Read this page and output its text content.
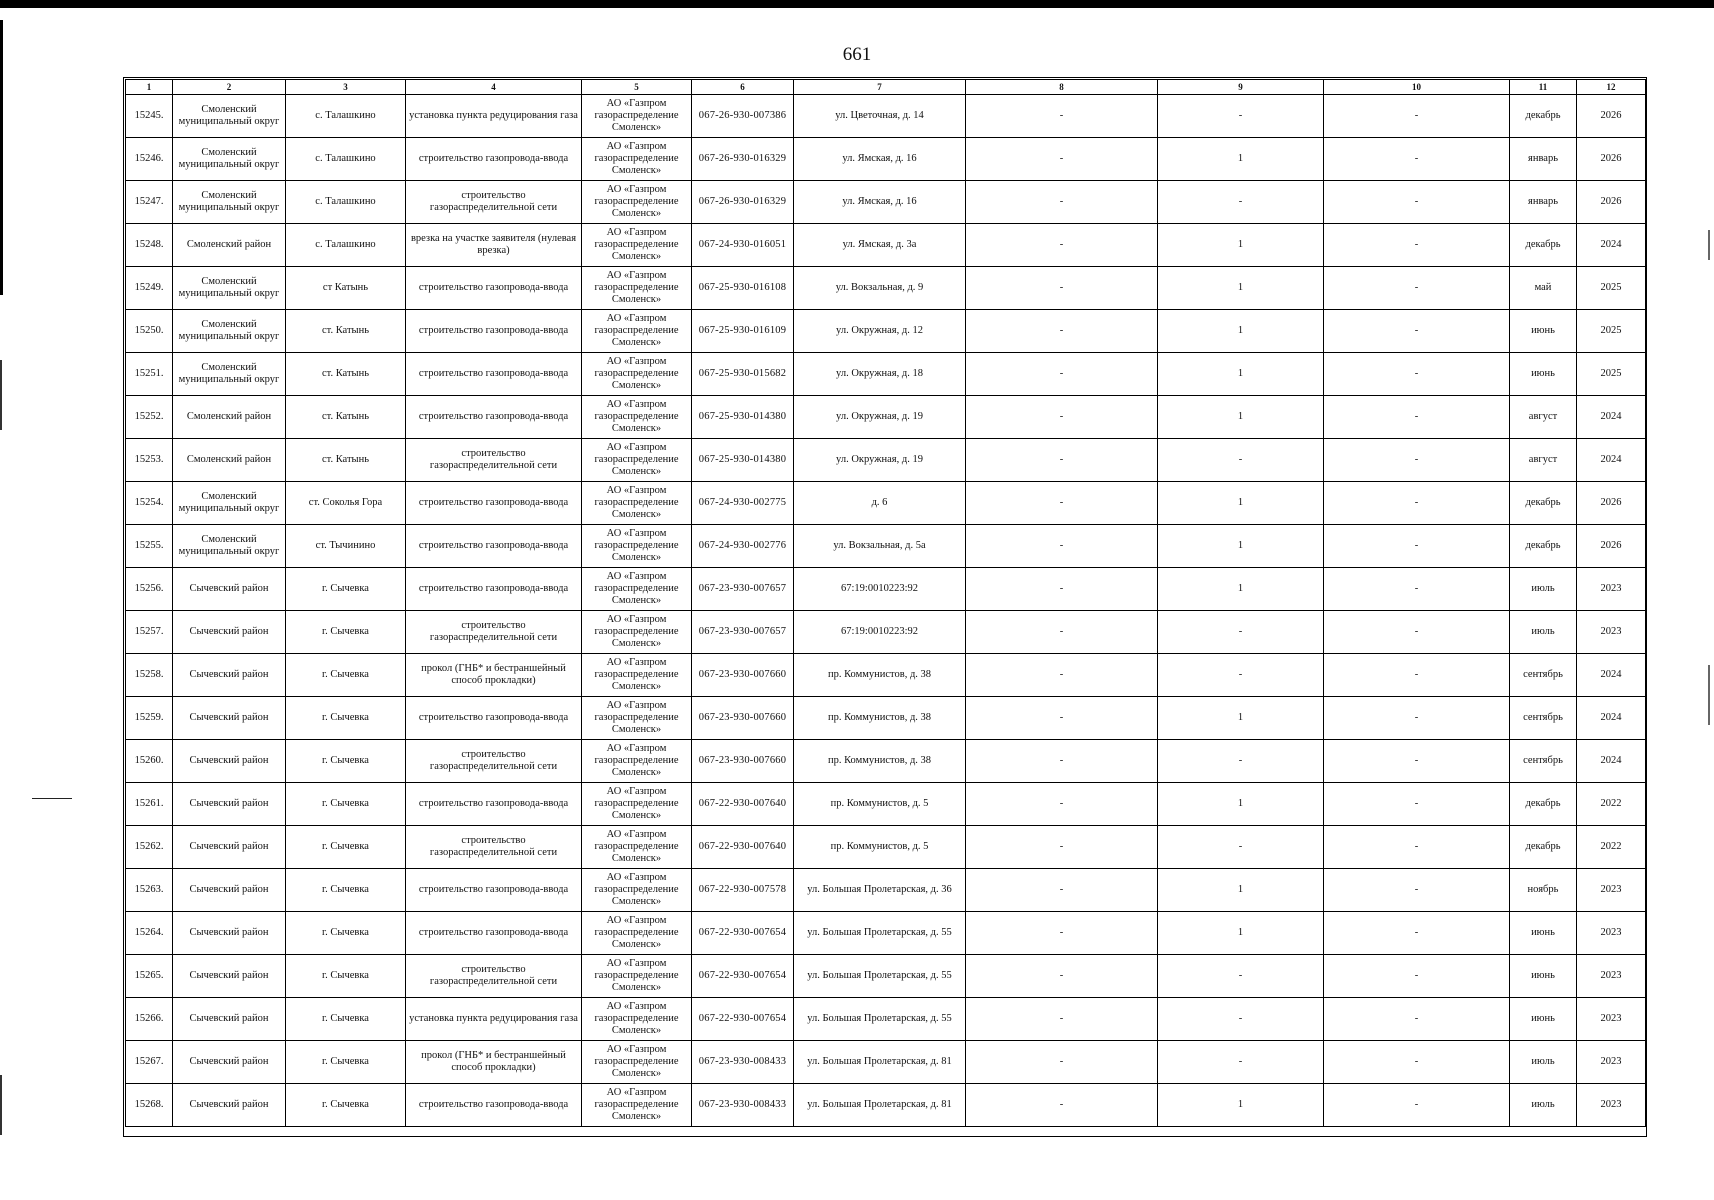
661
1	2	3	4	5	6	7	8	9	10	11	12
15245.	Смоленский муниципальный округ	с. Талашкино	установка пункта редуцирования газа	АО «Газпром газораспределение Смоленск»	067-26-930-007386	ул. Цветочная, д. 14	-	-	-	декабрь	2026
15246.	Смоленский муниципальный округ	с. Талашкино	строительство газопровода-ввода	АО «Газпром газораспределение Смоленск»	067-26-930-016329	ул. Ямская, д. 16	-	1	-	январь	2026
15247.	Смоленский муниципальный округ	с. Талашкино	строительство газораспределительной сети	АО «Газпром газораспределение Смоленск»	067-26-930-016329	ул. Ямская, д. 16	-	-	-	январь	2026
15248.	Смоленский район	с. Талашкино	врезка на участке заявителя (нулевая врезка)	АО «Газпром газораспределение Смоленск»	067-24-930-016051	ул. Ямская, д. 3а	-	1	-	декабрь	2024
15249.	Смоленский муниципальный округ	ст Катынь	строительство газопровода-ввода	АО «Газпром газораспределение Смоленск»	067-25-930-016108	ул. Вокзальная, д. 9	-	1	-	май	2025
15250.	Смоленский муниципальный округ	ст. Катынь	строительство газопровода-ввода	АО «Газпром газораспределение Смоленск»	067-25-930-016109	ул. Окружная, д. 12	-	1	-	июнь	2025
15251.	Смоленский муниципальный округ	ст. Катынь	строительство газопровода-ввода	АО «Газпром газораспределение Смоленск»	067-25-930-015682	ул. Окружная, д. 18	-	1	-	июнь	2025
15252.	Смоленский район	ст. Катынь	строительство газопровода-ввода	АО «Газпром газораспределение Смоленск»	067-25-930-014380	ул. Окружная, д. 19	-	1	-	август	2024
15253.	Смоленский район	ст. Катынь	строительство газораспределительной сети	АО «Газпром газораспределение Смоленск»	067-25-930-014380	ул. Окружная, д. 19	-	-	-	август	2024
15254.	Смоленский муниципальный округ	ст. Соколья Гора	строительство газопровода-ввода	АО «Газпром газораспределение Смоленск»	067-24-930-002775	д. 6	-	1	-	декабрь	2026
15255.	Смоленский муниципальный округ	ст. Тычинино	строительство газопровода-ввода	АО «Газпром газораспределение Смоленск»	067-24-930-002776	ул. Вокзальная, д. 5а	-	1	-	декабрь	2026
15256.	Сычевский район	г. Сычевка	строительство газопровода-ввода	АО «Газпром газораспределение Смоленск»	067-23-930-007657	67:19:0010223:92	-	1	-	июль	2023
15257.	Сычевский район	г. Сычевка	строительство газораспределительной сети	АО «Газпром газораспределение Смоленск»	067-23-930-007657	67:19:0010223:92	-	-	-	июль	2023
15258.	Сычевский район	г. Сычевка	прокол (ГНБ* и бестраншейный способ прокладки)	АО «Газпром газораспределение Смоленск»	067-23-930-007660	пр. Коммунистов, д. 38	-	-	-	сентябрь	2024
15259.	Сычевский район	г. Сычевка	строительство газопровода-ввода	АО «Газпром газораспределение Смоленск»	067-23-930-007660	пр. Коммунистов, д. 38	-	1	-	сентябрь	2024
15260.	Сычевский район	г. Сычевка	строительство газораспределительной сети	АО «Газпром газораспределение Смоленск»	067-23-930-007660	пр. Коммунистов, д. 38	-	-	-	сентябрь	2024
15261.	Сычевский район	г. Сычевка	строительство газопровода-ввода	АО «Газпром газораспределение Смоленск»	067-22-930-007640	пр. Коммунистов, д. 5	-	1	-	декабрь	2022
15262.	Сычевский район	г. Сычевка	строительство газораспределительной сети	АО «Газпром газораспределение Смоленск»	067-22-930-007640	пр. Коммунистов, д. 5	-	-	-	декабрь	2022
15263.	Сычевский район	г. Сычевка	строительство газопровода-ввода	АО «Газпром газораспределение Смоленск»	067-22-930-007578	ул. Большая Пролетарская, д. 36	-	1	-	ноябрь	2023
15264.	Сычевский район	г. Сычевка	строительство газопровода-ввода	АО «Газпром газораспределение Смоленск»	067-22-930-007654	ул. Большая Пролетарская, д. 55	-	1	-	июнь	2023
15265.	Сычевский район	г. Сычевка	строительство газораспределительной сети	АО «Газпром газораспределение Смоленск»	067-22-930-007654	ул. Большая Пролетарская, д. 55	-	-	-	июнь	2023
15266.	Сычевский район	г. Сычевка	установка пункта редуцирования газа	АО «Газпром газораспределение Смоленск»	067-22-930-007654	ул. Большая Пролетарская, д. 55	-	-	-	июнь	2023
15267.	Сычевский район	г. Сычевка	прокол (ГНБ* и бестраншейный способ прокладки)	АО «Газпром газораспределение Смоленск»	067-23-930-008433	ул. Большая Пролетарская, д. 81	-	-	-	июль	2023
15268.	Сычевский район	г. Сычевка	строительство газопровода-ввода	АО «Газпром газораспределение Смоленск»	067-23-930-008433	ул. Большая Пролетарская, д. 81	-	1	-	июль	2023
